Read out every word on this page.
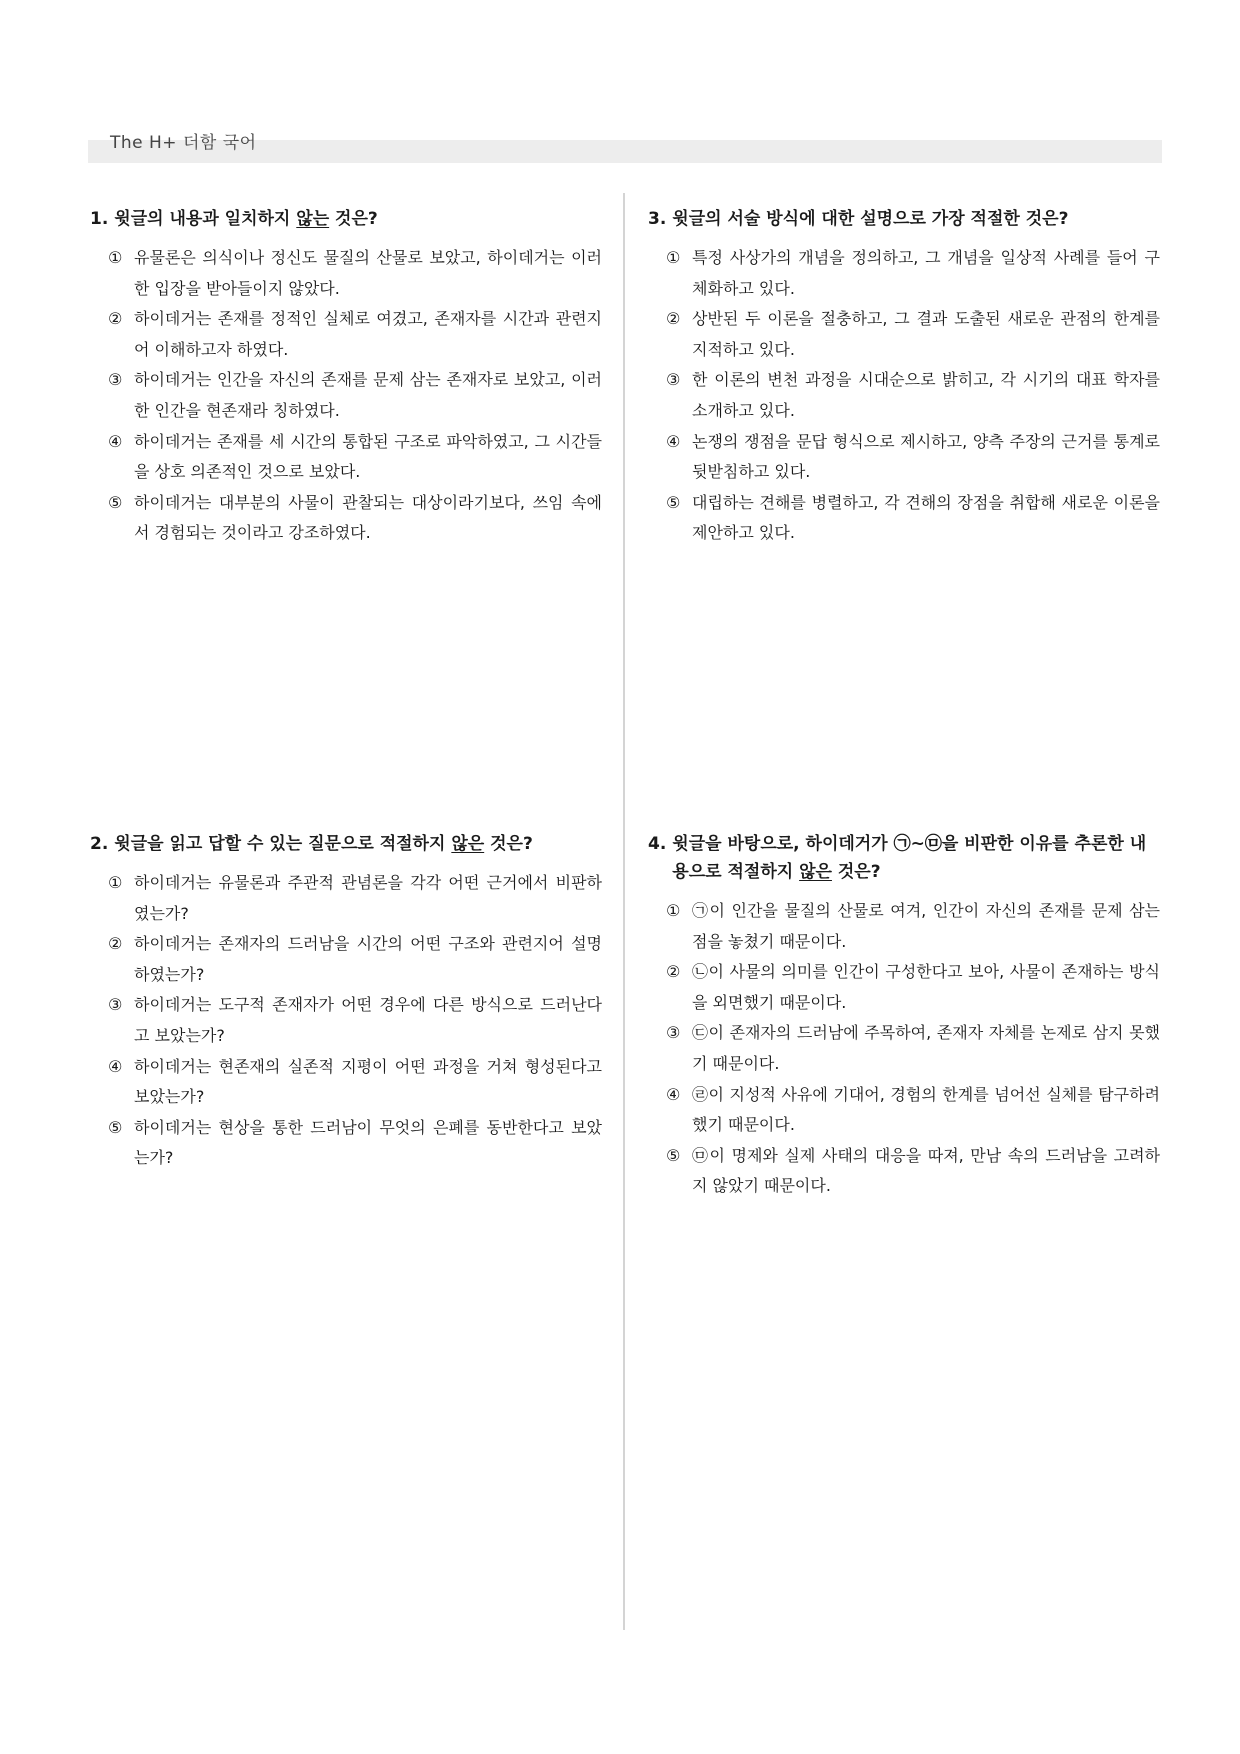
The H+ 더함 국어
1. 윗글의 내용과 일치하지 않는 것은?
① 유물론은 의식이나 정신도 물질의 산물로 보았고, 하이데거는 이러한 입장을 받아들이지 않았다.
② 하이데거는 존재를 정적인 실체로 여겼고, 존재자를 시간과 관련지어 이해하고자 하였다.
③ 하이데거는 인간을 자신의 존재를 문제 삼는 존재자로 보았고, 이러한 인간을 현존재라 칭하였다.
④ 하이데거는 존재를 세 시간의 통합된 구조로 파악하였고, 그 시간들을 상호 의존적인 것으로 보았다.
⑤ 하이데거는 대부분의 사물이 관찰되는 대상이라기보다, 쓰임 속에서 경험되는 것이라고 강조하였다.
2. 윗글을 읽고 답할 수 있는 질문으로 적절하지 않은 것은?
① 하이데거는 유물론과 주관적 관념론을 각각 어떤 근거에서 비판하였는가?
② 하이데거는 존재자의 드러남을 시간의 어떤 구조와 관련지어 설명하였는가?
③ 하이데거는 도구적 존재자가 어떤 경우에 다른 방식으로 드러난다고 보았는가?
④ 하이데거는 현존재의 실존적 지평이 어떤 과정을 거쳐 형성된다고 보았는가?
⑤ 하이데거는 현상을 통한 드러남이 무엇의 은폐를 동반한다고 보았는가?
3. 윗글의 서술 방식에 대한 설명으로 가장 적절한 것은?
① 특정 사상가의 개념을 정의하고, 그 개념을 일상적 사례를 들어 구체화하고 있다.
② 상반된 두 이론을 절충하고, 그 결과 도출된 새로운 관점의 한계를 지적하고 있다.
③ 한 이론의 변천 과정을 시대순으로 밝히고, 각 시기의 대표 학자를 소개하고 있다.
④ 논쟁의 쟁점을 문답 형식으로 제시하고, 양측 주장의 근거를 통계로 뒷받침하고 있다.
⑤ 대립하는 견해를 병렬하고, 각 견해의 장점을 취합해 새로운 이론을 제안하고 있다.
4. 윗글을 바탕으로, 하이데거가 ㉠~㉤을 비판한 이유를 추론한 내용으로 적절하지 않은 것은?
① ㉠이 인간을 물질의 산물로 여겨, 인간이 자신의 존재를 문제 삼는 점을 놓쳤기 때문이다.
② ㉡이 사물의 의미를 인간이 구성한다고 보아, 사물이 존재하는 방식을 외면했기 때문이다.
③ ㉢이 존재자의 드러남에 주목하여, 존재자 자체를 논제로 삼지 못했기 때문이다.
④ ㉣이 지성적 사유에 기대어, 경험의 한계를 넘어선 실체를 탐구하려 했기 때문이다.
⑤ ㉤이 명제와 실제 사태의 대응을 따져, 만남 속의 드러남을 고려하지 않았기 때문이다.
